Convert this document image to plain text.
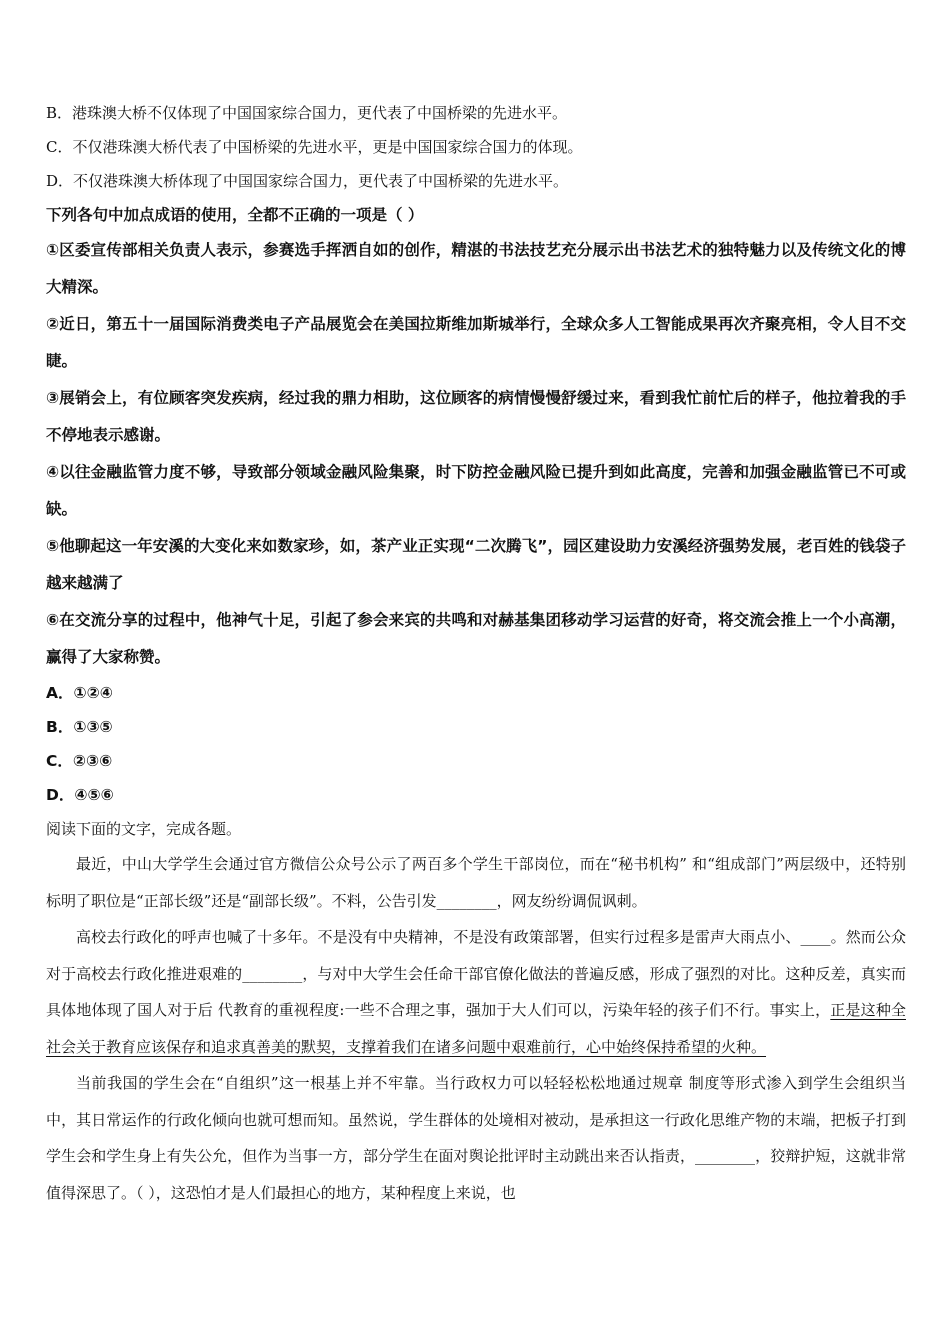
B．港珠澳大桥不仅体现了中国国家综合国力，更代表了中国桥梁的先进水平。
C．不仅港珠澳大桥代表了中国桥梁的先进水平，更是中国国家综合国力的体现。
D．不仅港珠澳大桥体现了中国国家综合国力，更代表了中国桥梁的先进水平。
下列各句中加点成语的使用，全都不正确的一项是（ ）
①区委宣传部相关负责人表示，参赛选手挥洒自如的创作，精湛的书法技艺充分展示出书法艺术的独特魅力以及传统文化的博大精深。
②近日，第五十一届国际消费类电子产品展览会在美国拉斯维加斯城举行，全球众多人工智能成果再次齐聚亮相，令人目不交睫。
③展销会上，有位顾客突发疾病，经过我的鼎力相助，这位顾客的病情慢慢舒缓过来，看到我忙前忙后的样子，他拉着我的手不停地表示感谢。
④以往金融监管力度不够，导致部分领域金融风险集聚，时下防控金融风险已提升到如此高度，完善和加强金融监管已不可或缺。
⑤他聊起这一年安溪的大变化来如数家珍，如，茶产业正实现“二次腾飞”，园区建设助力安溪经济强势发展，老百姓的钱袋子越来越满了
⑥在交流分享的过程中，他神气十足，引起了参会来宾的共鸣和对赫基集团移动学习运营的好奇，将交流会推上一个小高潮，赢得了大家称赞。
A．①②④
B．①③⑤
C．②③⑥
D．④⑤⑥
阅读下面的文字，完成各题。

最近，中山大学学生会通过官方微信公众号公示了两百多个学生干部岗位，而在“秘书机构” 和“组成部门”两层级中，还特别标明了职位是“正部长级”还是“副部长级”。不料，公告引发________，网友纷纷调侃讽刺。

高校去行政化的呼声也喊了十多年。不是没有中央精神，不是没有政策部署，但实行过程多是雷声大雨点小、____。然而公众对于高校去行政化推进艰难的________，与对中大学生会任命干部官僚化做法的普遍反感，形成了强烈的对比。这种反差，真实而具体地体现了国人对于后 代教育的重视程度:一些不合理之事，强加于大人们可以，污染年轻的孩子们不行。事实上，正是这种全社会关于教育应该保存和追求真善美的默契，支撑着我们在诸多问题中艰难前行，心中始终保持希望的火种。

当前我国的学生会在“自组织”这一根基上并不牢靠。当行政权力可以轻轻松松地通过规章 制度等形式渗入到学生会组织当中，其日常运作的行政化倾向也就可想而知。虽然说，学生群体的处境相对被动，是承担这一行政化思维产物的末端，把板子打到学生会和学生身上有失公允，但作为当事一方，部分学生在面对舆论批评时主动跳出来否认指责，________，狡辩护短，这就非常值得深思了。（ ），这恐怕才是人们最担心的地方，某种程度上来说，也
